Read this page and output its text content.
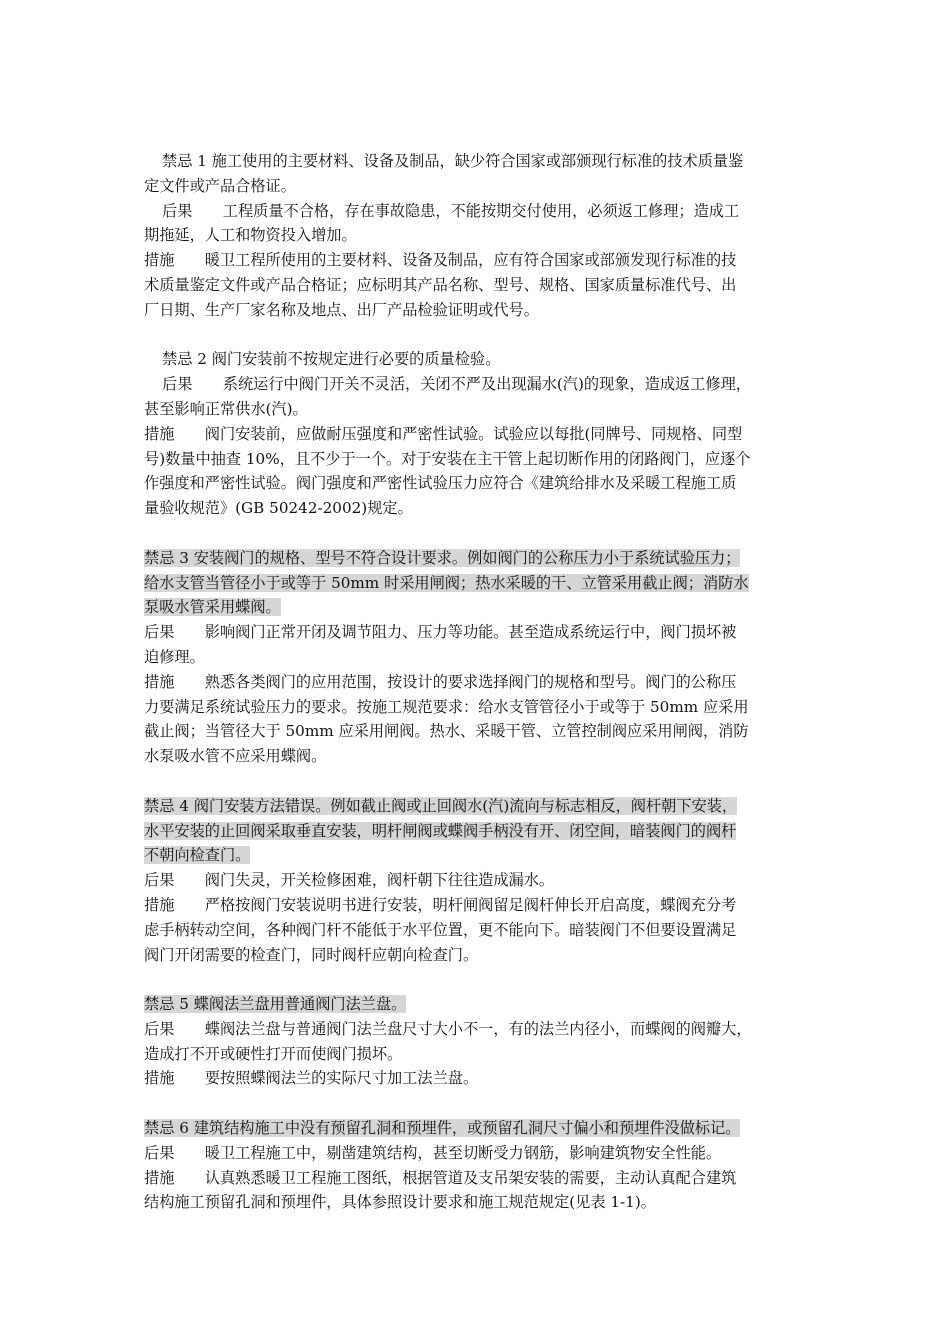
禁忌 1 施工使用的主要材料、设备及制品，缺少符合国家或部颁现行标准的技术质量鉴
定文件或产品合格证。
后果　　工程质量不合格，存在事故隐患，不能按期交付使用，必须返工修理；造成工
期拖延，人工和物资投入增加。
措施　　暖卫工程所使用的主要材料、设备及制品，应有符合国家或部颁发现行标准的技
术质量鉴定文件或产品合格证；应标明其产品名称、型号、规格、国家质量标准代号、出
厂日期、生产厂家名称及地点、出厂产品检验证明或代号。
禁忌 2 阀门安装前不按规定进行必要的质量检验。
后果　　系统运行中阀门开关不灵活，关闭不严及出现漏水(汽)的现象，造成返工修理，
甚至影响正常供水(汽)。
措施　　阀门安装前，应做耐压强度和严密性试验。试验应以每批(同牌号、同规格、同型
号)数量中抽查 10%，且不少于一个。对于安装在主干管上起切断作用的闭路阀门，应逐个
作强度和严密性试验。阀门强度和严密性试验压力应符合《建筑给排水及采暖工程施工质
量验收规范》(GB 50242-2002)规定。
禁忌 3 安装阀门的规格、型号不符合设计要求。例如阀门的公称压力小于系统试验压力；
给水支管当管径小于或等于 50mm 时采用闸阀；热水采暖的干、立管采用截止阀；消防水
泵吸水管采用蝶阀。
后果　　影响阀门正常开闭及调节阻力、压力等功能。甚至造成系统运行中，阀门损坏被
迫修理。
措施　　熟悉各类阀门的应用范围，按设计的要求选择阀门的规格和型号。阀门的公称压
力要满足系统试验压力的要求。按施工规范要求：给水支管管径小于或等于 50mm 应采用
截止阀；当管径大于 50mm 应采用闸阀。热水、采暖干管、立管控制阀应采用闸阀，消防
水泵吸水管不应采用蝶阀。
禁忌 4 阀门安装方法错误。例如截止阀或止回阀水(汽)流向与标志相反，阀杆朝下安装，
水平安装的止回阀采取垂直安装，明杆闸阀或蝶阀手柄没有开、闭空间，暗装阀门的阀杆
不朝向检查门。
后果　　阀门失灵，开关检修困难，阀杆朝下往往造成漏水。
措施　　严格按阀门安装说明书进行安装，明杆闸阀留足阀杆伸长开启高度，蝶阀充分考
虑手柄转动空间，各种阀门杆不能低于水平位置，更不能向下。暗装阀门不但要设置满足
阀门开闭需要的检查门，同时阀杆应朝向检查门。
禁忌 5 蝶阀法兰盘用普通阀门法兰盘。
后果　　蝶阀法兰盘与普通阀门法兰盘尺寸大小不一，有的法兰内径小，而蝶阀的阀瓣大，
造成打不开或硬性打开而使阀门损坏。
措施　　要按照蝶阀法兰的实际尺寸加工法兰盘。
禁忌 6 建筑结构施工中没有预留孔洞和预埋件，或预留孔洞尺寸偏小和预埋件没做标记。
后果　　暖卫工程施工中，剔凿建筑结构，甚至切断受力钢筋，影响建筑物安全性能。
措施　　认真熟悉暖卫工程施工图纸，根据管道及支吊架安装的需要，主动认真配合建筑
结构施工预留孔洞和预埋件，具体参照设计要求和施工规范规定(见表 1-1)。
